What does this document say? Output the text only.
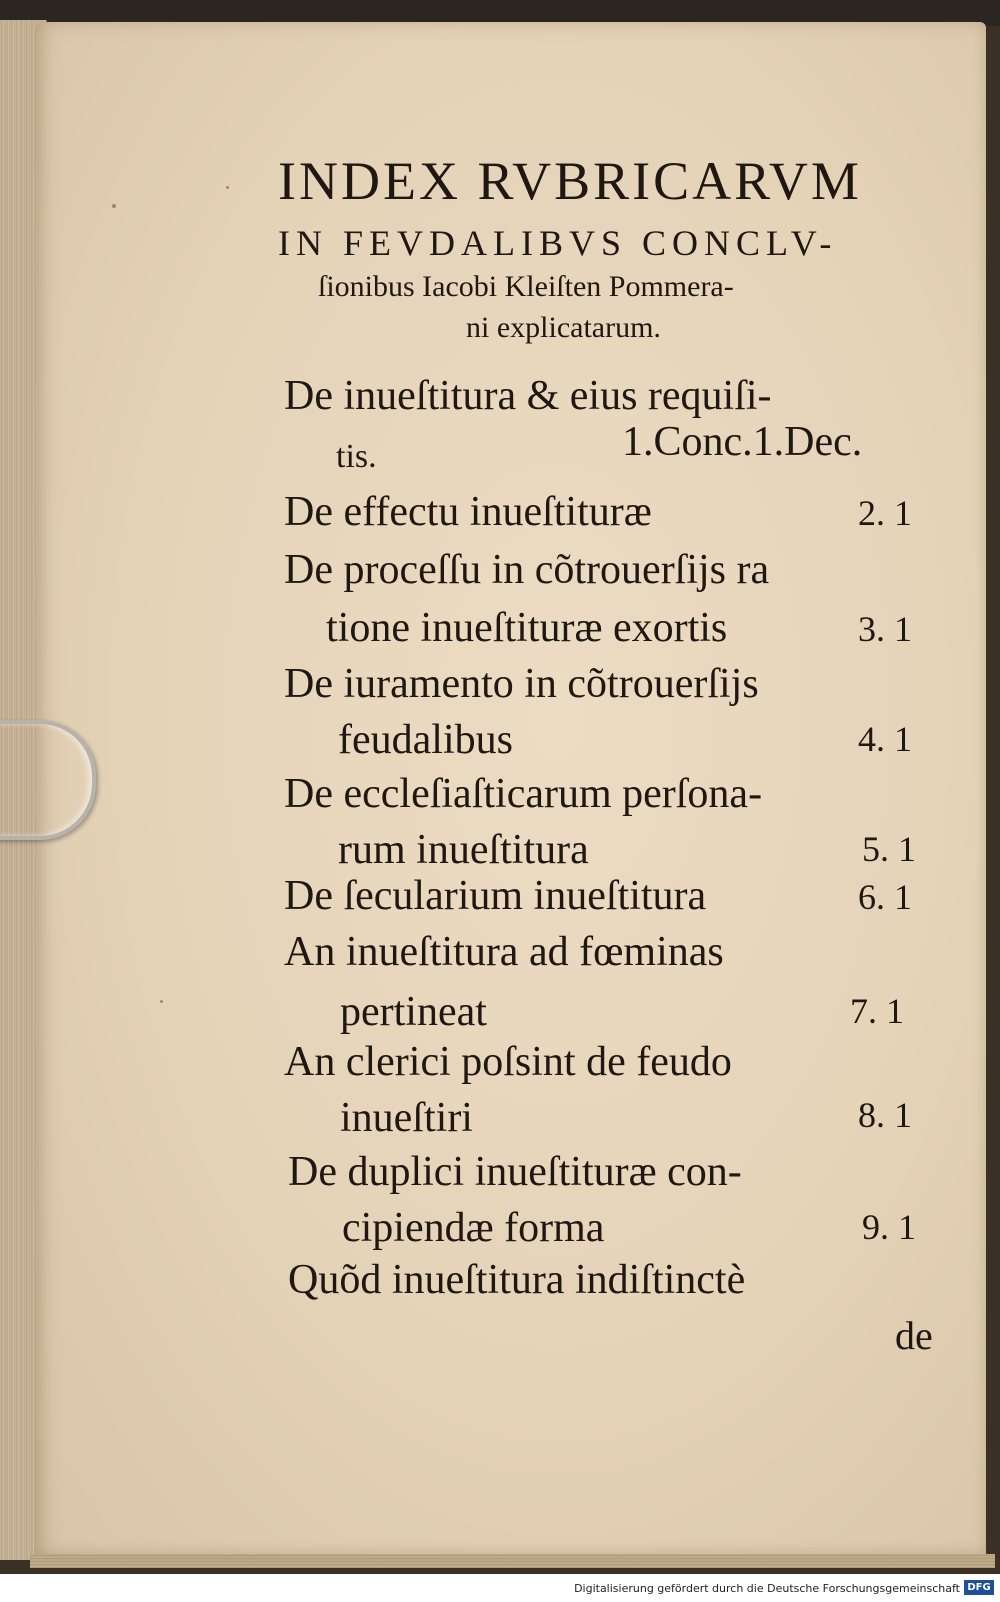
INDEX RVBRICARVM
IN FEVDALIBVS CONCLV-
ſionibus Iacobi Kleiſten Pommera-
ni explicatarum.
De inueſtitura & eius requiſi-
tis.	1.Conc.1.Dec.
De effectu inueſtituræ	2. 1
De proceſſu in cõtrouerſijs ra
tione inueſtituræ exortis	3. 1
De iuramento in cõtrouerſijs
feudalibus	4. 1
De eccleſiaſticarum perſona-
rum inueſtitura	5. 1
De ſecularium inueſtitura	6. 1
An inueſtitura ad fœminas
pertineat	7. 1
An clerici poſsint de feudo
inueſtiri	8. 1
De duplici inueſtituræ con-
cipiendæ forma	9. 1
Quõd inueſtitura indiſtinctè
de
Digitalisierung gefördert durch die Deutsche Forschungsgemeinschaft DFG
